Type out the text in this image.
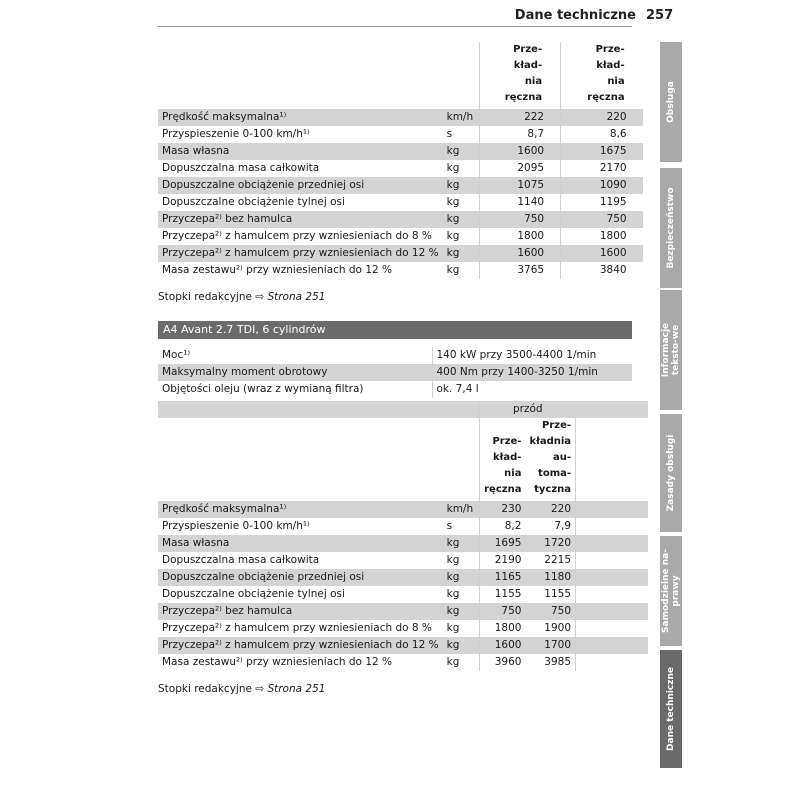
Dane techniczne 257

		Prze-
kład-
nia
ręczna	Prze-
kład-
nia
ręczna

Prędkość maksymalna¹⁾	km/h	222	220
Przyspieszenie 0-100 km/h¹⁾	s	8,7	8,6
Masa własna	kg	1600	1675
Dopuszczalna masa całkowita	kg	2095	2170
Dopuszczalne obciążenie przedniej osi	kg	1075	1090
Dopuszczalne obciążenie tylnej osi	kg	1140	1195
Przyczepa²⁾ bez hamulca	kg	750	750
Przyczepa²⁾ z hamulcem przy wzniesieniach do 8 %	kg	1800	1800
Przyczepa²⁾ z hamulcem przy wzniesieniach do 12 %	kg	1600	1600
Masa zestawu²⁾ przy wzniesieniach do 12 %	kg	3765	3840
Stopki redakcyjne ⇨ Strona 251
A4 Avant 2.7 TDI, 6 cylindrów
Moc¹⁾	140 kW przy 3500-4400 1/min
Maksymalny moment obrotowy	400 Nm przy 1400-3250 1/min
Objętości oleju (wraz z wymianą filtra)	ok. 7,4 l
		przód		

		Prze-
kład-
nia
ręczna	Prze-
kładnia au-
toma-
tyczna	

Prędkość maksymalna¹⁾	km/h	230	220	
Przyspieszenie 0-100 km/h¹⁾	s	8,2	7,9	
Masa własna	kg	1695	1720	
Dopuszczalna masa całkowita	kg	2190	2215	
Dopuszczalne obciążenie przedniej osi	kg	1165	1180	
Dopuszczalne obciążenie tylnej osi	kg	1155	1155	
Przyczepa²⁾ bez hamulca	kg	750	750	
Przyczepa²⁾ z hamulcem przy wzniesieniach do 8 %	kg	1800	1900	
Przyczepa²⁾ z hamulcem przy wzniesieniach do 12 %	kg	1600	1700	
Masa zestawu²⁾ przy wzniesieniach do 12 %	kg	3960	3985	
Stopki redakcyjne ⇨ Strona 251
Obsługa
Bezpieczeństwo
Informacje teksto-we
Zasady obsługi
Samodzielne na-prawy
Dane techniczne
